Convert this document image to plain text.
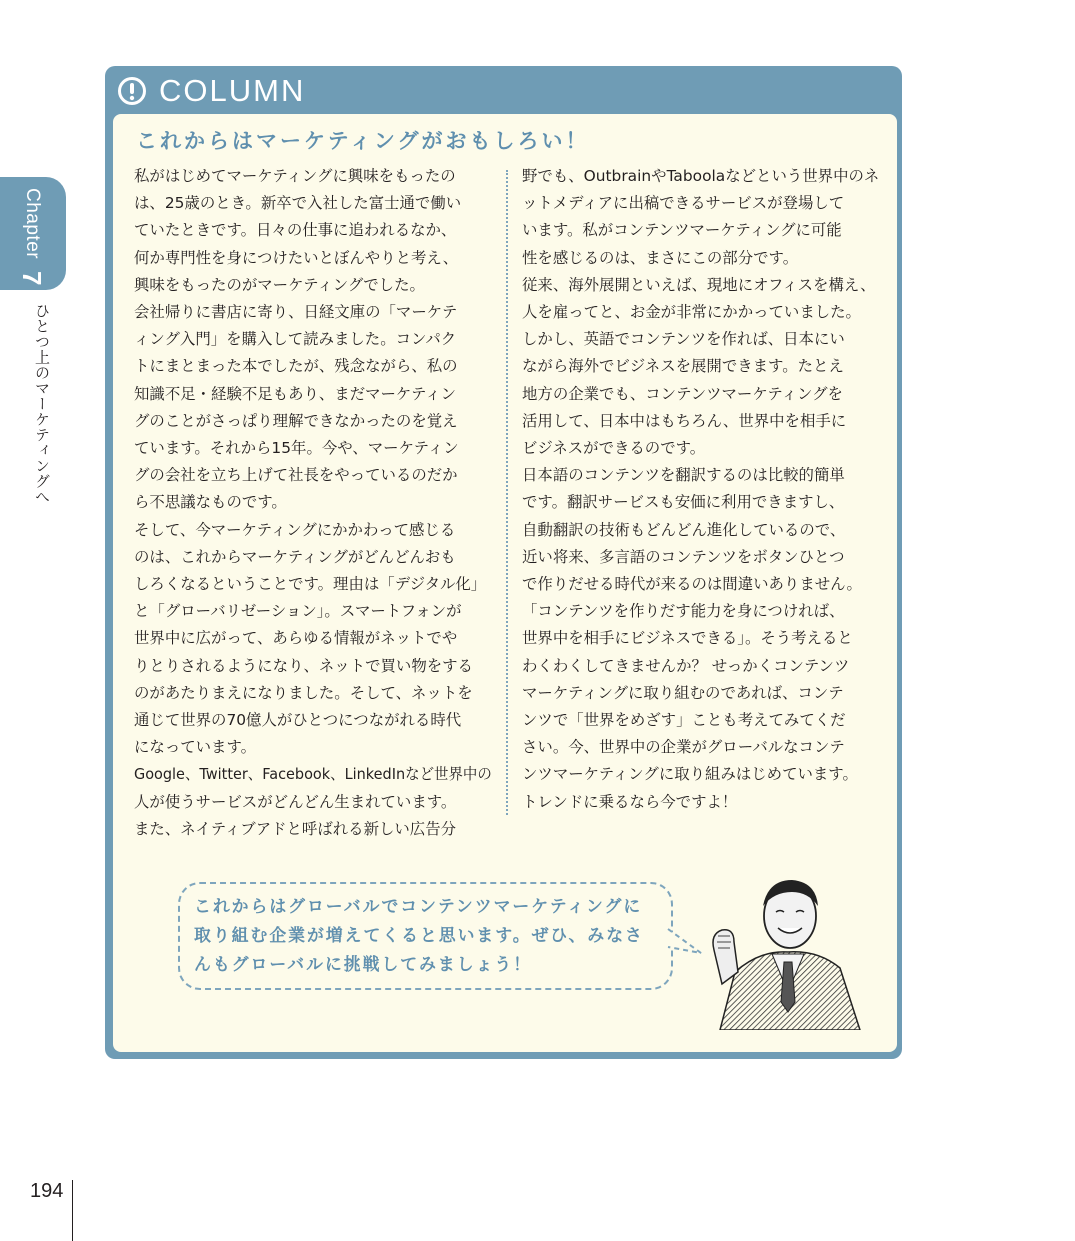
Chapter 7
ひとつ上のマーケティングへ
COLUMN
これからはマーケティングがおもしろい！
私がはじめてマーケティングに興味をもったのは、25歳のとき。新卒で入社した富士通で働いていたときです。日々の仕事に追われるなか、何か専門性を身につけたいとぼんやりと考え、興味をもったのがマーケティングでした。会社帰りに書店に寄り、日経文庫の「マーケティング入門」を購入して読みました。コンパクトにまとまった本でしたが、残念ながら、私の知識不足・経験不足もあり、まだマーケティングのことがさっぱり理解できなかったのを覚えています。それから15年。今や、マーケティングの会社を立ち上げて社長をやっているのだから不思議なものです。そして、今マーケティングにかかわって感じるのは、これからマーケティングがどんどんおもしろくなるということです。理由は「デジタル化」と「グローバリゼーション」。スマートフォンが世界中に広がって、あらゆる情報がネットでやりとりされるようになり、ネットで買い物をするのがあたりまえになりました。そして、ネットを通じて世界の70億人がひとつにつながれる時代になっています。Google、Twitter、Facebook、LinkedInなど世界中の人が使うサービスがどんどん生まれています。また、ネイティブアドと呼ばれる新しい広告分
野でも、OutbrainやTaboolaなどという世界中のネットメディアに出稿できるサービスが登場しています。私がコンテンツマーケティングに可能性を感じるのは、まさにこの部分です。従来、海外展開といえば、現地にオフィスを構え、人を雇ってと、お金が非常にかかっていました。しかし、英語でコンテンツを作れば、日本にいながら海外でビジネスを展開できます。たとえ地方の企業でも、コンテンツマーケティングを活用して、日本中はもちろん、世界中を相手にビジネスができるのです。日本語のコンテンツを翻訳するのは比較的簡単です。翻訳サービスも安価に利用できますし、自動翻訳の技術もどんどん進化しているので、近い将来、多言語のコンテンツをボタンひとつで作りだせる時代が来るのは間違いありません。「コンテンツを作りだす能力を身につければ、世界中を相手にビジネスできる」。そう考えるとわくわくしてきませんか？ せっかくコンテンツマーケティングに取り組むのであれば、コンテンツで「世界をめざす」ことも考えてみてください。今、世界中の企業がグローバルなコンテンツマーケティングに取り組みはじめています。トレンドに乗るなら今ですよ！
これからはグローバルでコンテンツマーケティングに取り組む企業が増えてくると思います。ぜひ、みなさんもグローバルに挑戦してみましょう！
194
